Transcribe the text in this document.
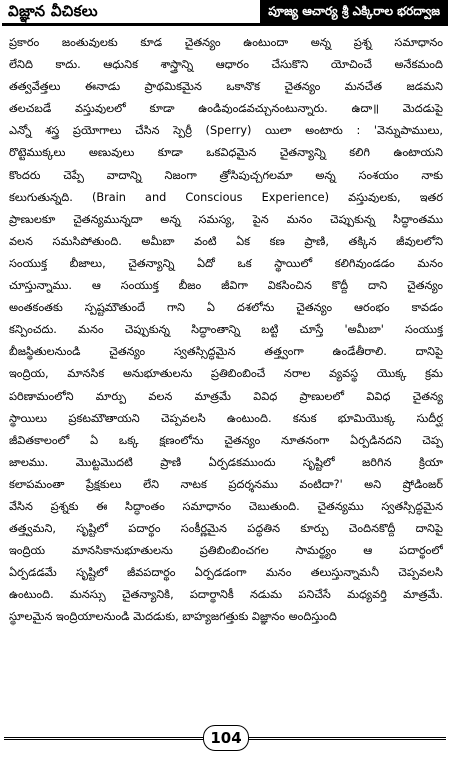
విజ్ఞాన వీచికలు	పూజ్య ఆచార్య శ్రీ ఎక్కిరాల భరద్వాజ
ప్రకారం జంతువులకు కూడ చైతన్యం ఉంటుందా అన్న ప్రశ్న సమాధానం
లేనిది కాదు. ఆధునిక శాస్త్రాన్ని ఆధారం చేసుకొని యోచించే అనేకమంది
తత్వవేత్తలు ఈనాడు ప్రాథమికమైన ఒకానొక చైతన్యం మనచేత జడమని
తలచబడే వస్తువులలో కూడా ఉండివుండవచ్చునంటున్నారు. ఉదా॥ మెదడుపై
ఎన్నో శస్త్ర ప్రయోగాలు చేసిన స్పెర్రీ (Sperry) యిలా అంటారు : 'వెన్నుపాములు,
రొట్టెముక్కలు అణువులు కూడా ఒకవిధమైన చైతన్యాన్ని కలిగి ఉంటాయని
కొందరు చెప్పే వాదాన్ని నిజంగా త్రోసిపుచ్చగలమా అన్న సంశయం నాకు
కలుగుతున్నది. (Brain and Conscious Experience) వస్తువులకు, ఇతర
ప్రాణులకూ చైతన్యమున్నదా అన్న సమస్య, పైన మనం చెప్పుకున్న సిద్ధాంతము
వలన సమసిపోతుంది. అమీబా వంటి ఏక కణ ప్రాణి, తక్కిన జీవులలోని
సంయుక్త బీజాలు, చైతన్యాన్ని ఏదో ఒక స్థాయిలో కలిగివుండడం మనం
చూస్తున్నాము. ఆ సంయుక్త బీజం జీవిగా వికసించిన కొద్దీ దాని చైతన్యం
అంతకంతకు స్పష్టమౌతుందే గాని ఏ దశలోను చైతన్యం ఆరంభం కావడం
కన్పించదు. మనం చెప్పుకున్న సిద్ధాంతాన్ని బట్టి చూస్తే 'అమీబా' సంయుక్త
బీజస్థితులనుండి చైతన్యం స్వతస్సిద్ధమైన తత్త్వంగా ఉండేతీరాలి. దానిపై
ఇంద్రియ, మానసిక అనుభూతులను ప్రతిబింబించే నరాల వ్యవస్థ యొక్క క్రమ
పరిణామంలోని మార్పు వలన మాత్రమే వివిధ ప్రాణులలో వివిధ చైతన్య
స్థాయిలు ప్రకటమౌతాయని చెప్పవలసి ఉంటుంది. కనుక భూమియొక్క సుదీర్ఘ
జీవితకాలంలో ఏ ఒక్క క్షణంలోను చైతన్యం నూతనంగా ఏర్పడినదని చెప్ప
జాలము. మొట్టమొదటి ప్రాణి ఏర్పడకముందు సృష్టిలో జరిగిన క్రియా
కలాపమంతా ప్రేక్షకులు లేని నాటక ప్రదర్శనము వంటిదా?' అని ష్రోడింజర్
వేసిన ప్రశ్నకు ఈ సిద్ధాంతం సమాధానం చెబుతుంది. చైతన్యము స్వతస్సిద్ధమైన
తత్త్వమని, సృష్టిలో పదార్థం సంకీర్ణమైన పద్ధతిన కూర్పు చెందినకొద్దీ దానిపై
ఇంద్రియ మానసికానుభూతులను ప్రతిబింబించగల సామర్థ్యం ఆ పదార్థంలో
ఏర్పడడమే సృష్టిలో జీవపదార్థం ఏర్పడడంగా మనం తలుస్తున్నామనీ చెప్పవలసి
ఉంటుంది. మనస్సు చైతన్యానికి, పదార్థానికీ నడుమ పనిచేసే మధ్యవర్తి మాత్రమే.
స్థూలమైన ఇంద్రియాలనుండి మెదడుకు, బాహ్యజగత్తుకు విజ్ఞానం అందిస్తుంది
104
